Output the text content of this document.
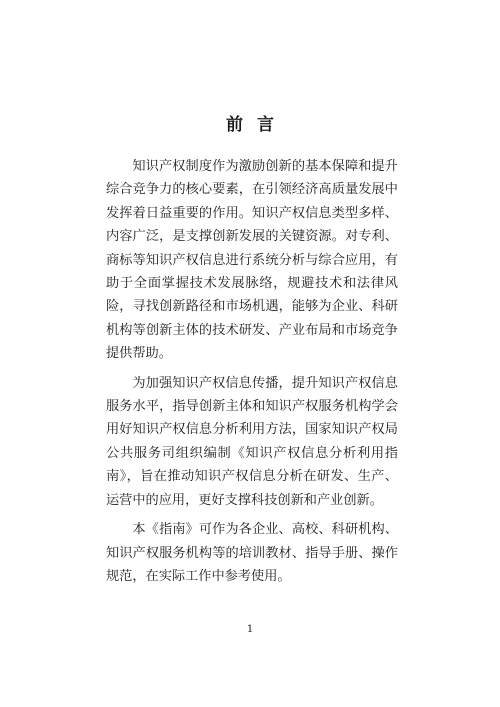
前言

知识产权制度作为激励创新的基本保障和提升综合竞争力的核心要素，在引领经济高质量发展中发挥着日益重要的作用。知识产权信息类型多样、内容广泛，是支撑创新发展的关键资源。对专利、商标等知识产权信息进行系统分析与综合应用，有助于全面掌握技术发展脉络，规避技术和法律风险，寻找创新路径和市场机遇，能够为企业、科研机构等创新主体的技术研发、产业布局和市场竞争提供帮助。

为加强知识产权信息传播，提升知识产权信息服务水平，指导创新主体和知识产权服务机构学会用好知识产权信息分析利用方法，国家知识产权局公共服务司组织编制《知识产权信息分析利用指南》，旨在推动知识产权信息分析在研发、生产、运营中的应用，更好支撑科技创新和产业创新。

本《指南》可作为各企业、高校、科研机构、知识产权服务机构等的培训教材、指导手册、操作规范，在实际工作中参考使用。

1
